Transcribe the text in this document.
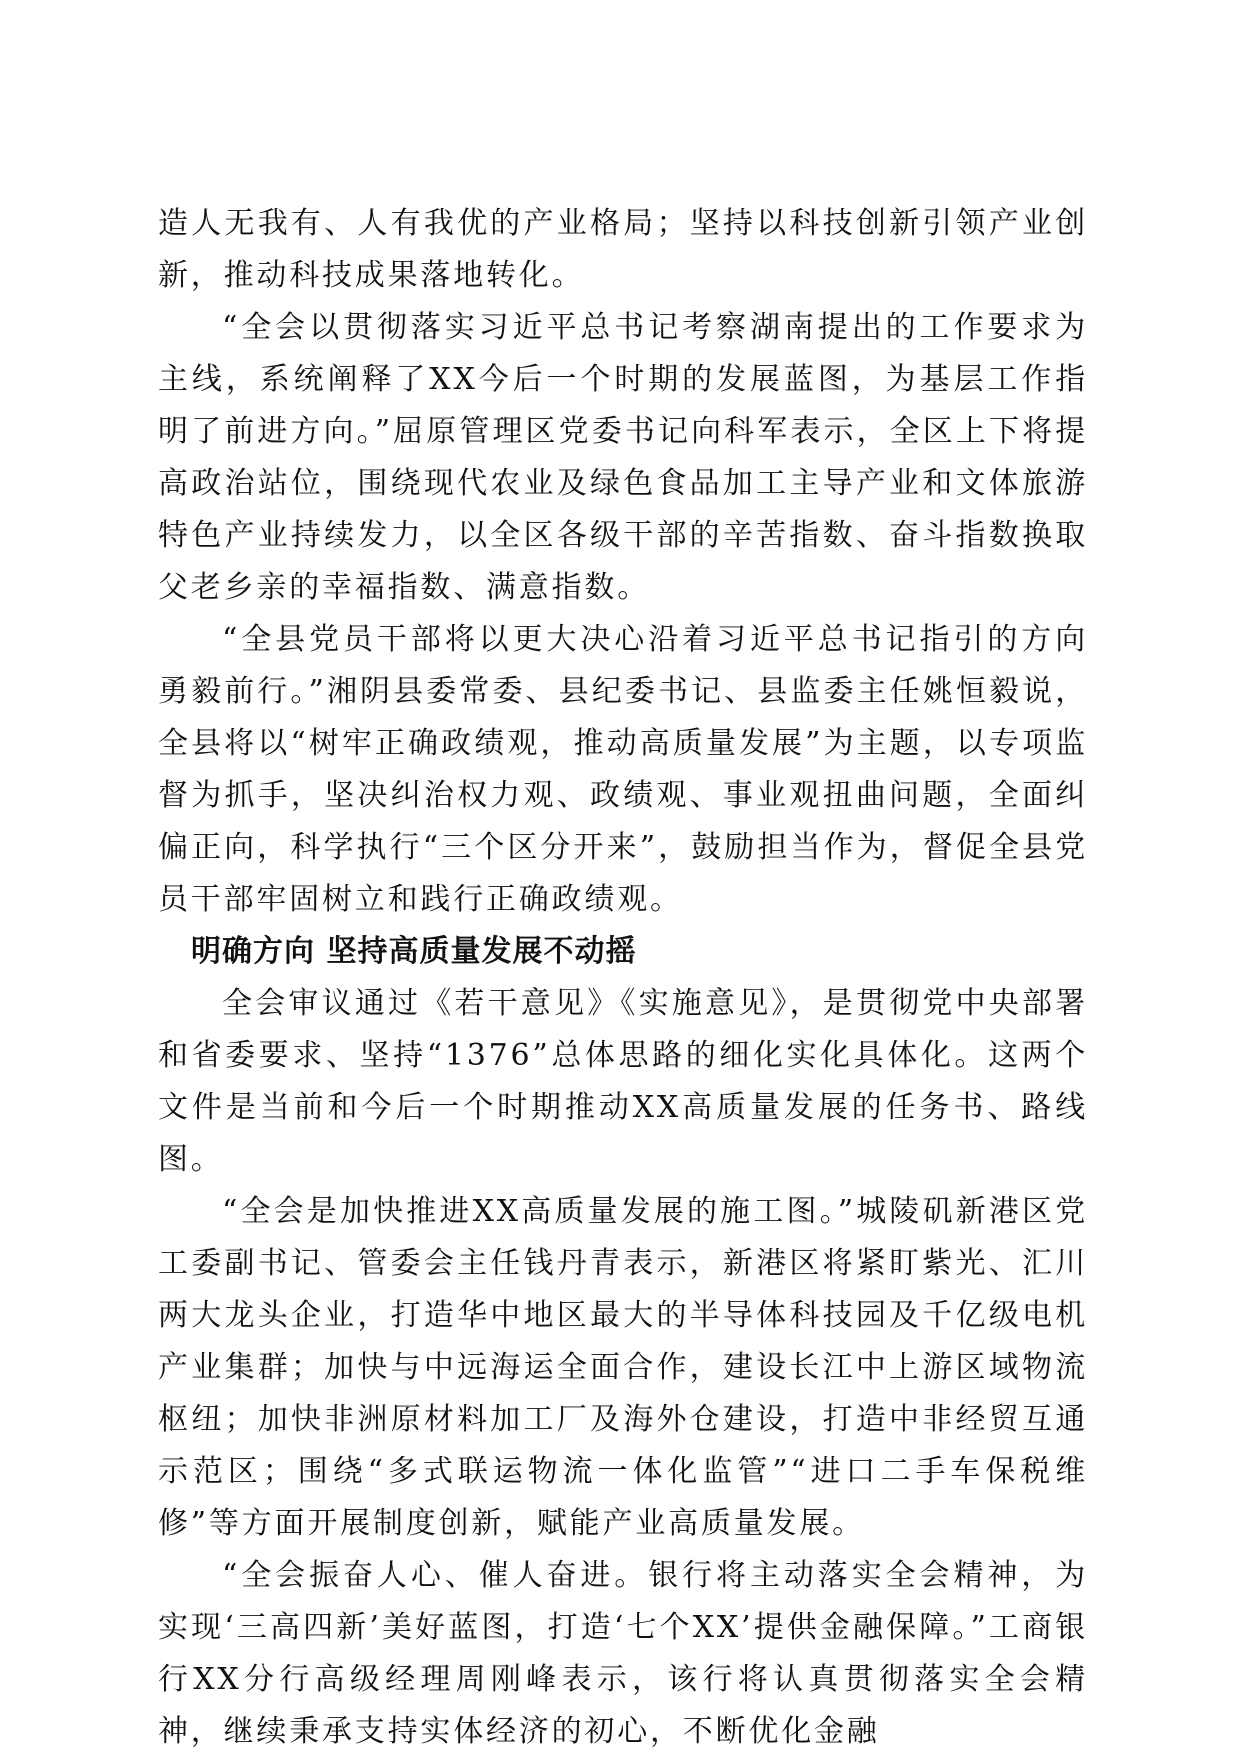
造人无我有、人有我优的产业格局；坚持以科技创新引领产业创新，推动科技成果落地转化。

“全会以贯彻落实习近平总书记考察湖南提出的工作要求为主线，系统阐释了XX今后一个时期的发展蓝图，为基层工作指明了前进方向。”屈原管理区党委书记向科军表示，全区上下将提高政治站位，围绕现代农业及绿色食品加工主导产业和文体旅游特色产业持续发力，以全区各级干部的辛苦指数、奋斗指数换取父老乡亲的幸福指数、满意指数。

“全县党员干部将以更大决心沿着习近平总书记指引的方向勇毅前行。”湘阴县委常委、县纪委书记、县监委主任姚恒毅说，全县将以“树牢正确政绩观，推动高质量发展”为主题，以专项监督为抓手，坚决纠治权力观、政绩观、事业观扭曲问题，全面纠偏正向，科学执行“三个区分开来”，鼓励担当作为，督促全县党员干部牢固树立和践行正确政绩观。

明确方向 坚持高质量发展不动摇

全会审议通过《若干意见》《实施意见》，是贯彻党中央部署和省委要求、坚持“1376”总体思路的细化实化具体化。这两个文件是当前和今后一个时期推动XX高质量发展的任务书、路线图。

“全会是加快推进XX高质量发展的施工图。”城陵矶新港区党工委副书记、管委会主任钱丹青表示，新港区将紧盯紫光、汇川两大龙头企业，打造华中地区最大的半导体科技园及千亿级电机产业集群；加快与中远海运全面合作，建设长江中上游区域物流枢纽；加快非洲原材料加工厂及海外仓建设，打造中非经贸互通示范区；围绕“多式联运物流一体化监管”“进口二手车保税维修”等方面开展制度创新，赋能产业高质量发展。

“全会振奋人心、催人奋进。银行将主动落实全会精神，为实现‘三高四新’美好蓝图，打造‘七个XX’提供金融保障。”工商银行XX分行高级经理周刚峰表示，该行将认真贯彻落实全会精神，继续秉承支持实体经济的初心，不断优化金融
